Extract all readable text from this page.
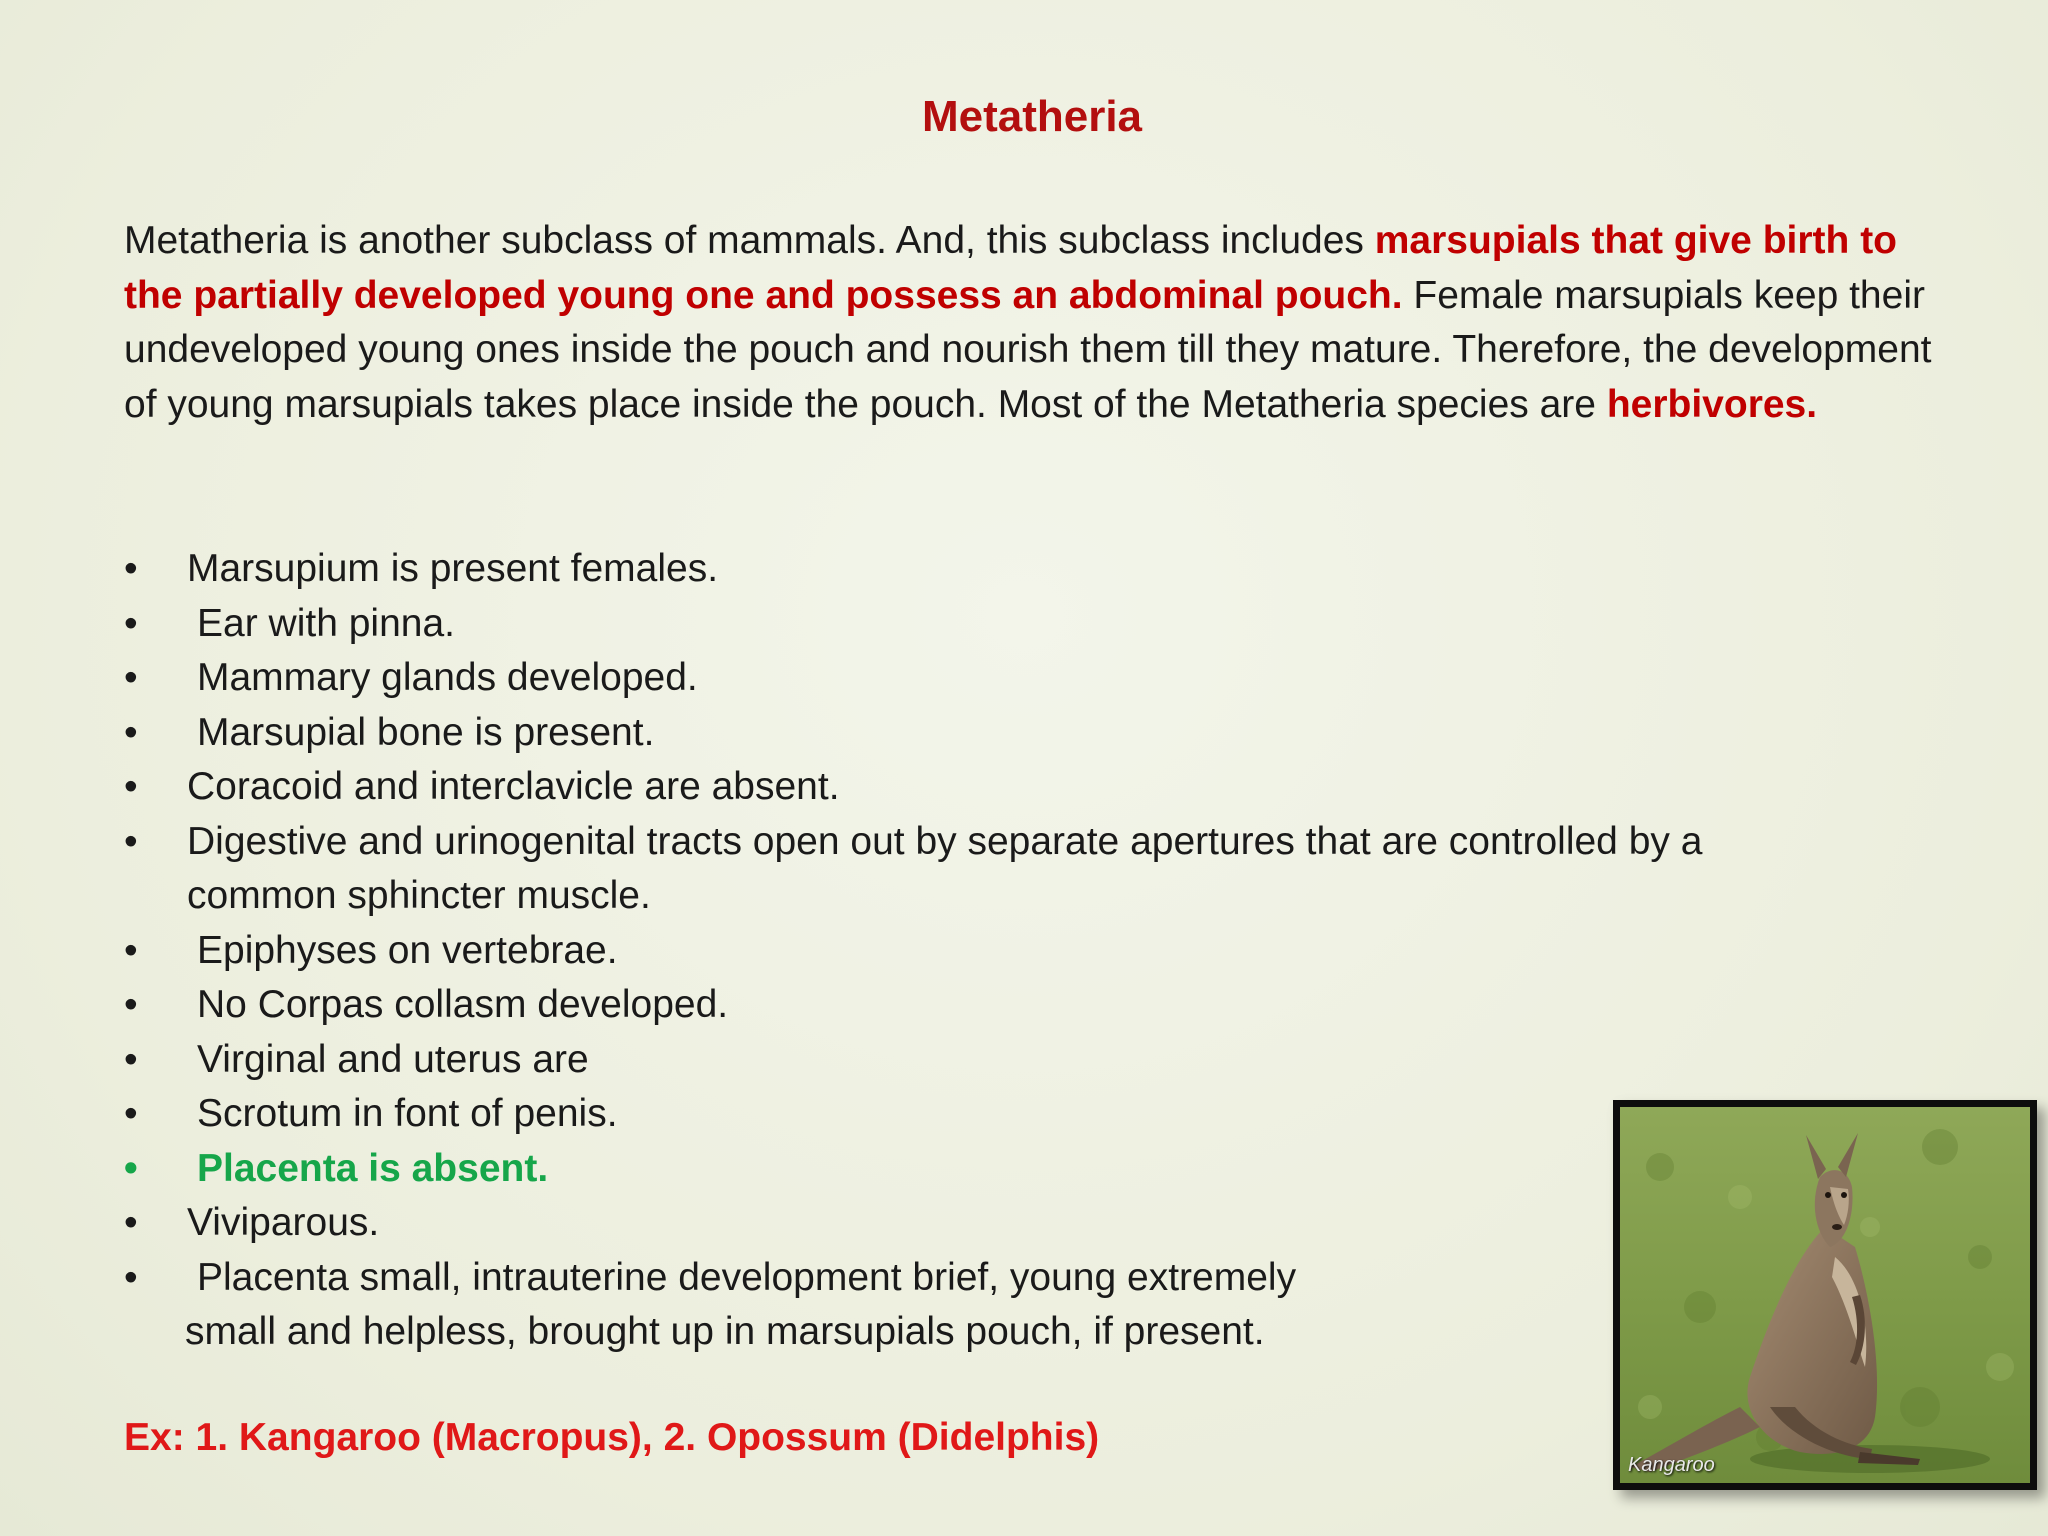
Metatheria
Metatheria is another subclass of mammals. And, this subclass includes marsupials that give birth to the partially developed young one and possess an abdominal pouch. Female marsupials keep their undeveloped young ones inside the pouch and nourish them till they mature. Therefore, the development of young marsupials takes place inside the pouch. Most of the Metatheria species are herbivores.
• Marsupium is present females.
• Ear with pinna.
• Mammary glands developed.
• Marsupial bone is present.
• Coracoid and interclavicle are absent.
• Digestive and urinogenital tracts open out by separate apertures that are controlled by a common sphincter muscle.
• Epiphyses on vertebrae.
• No Corpas collasm developed.
• Virginal and uterus are
• Scrotum in font of penis.
• Placenta is absent.
• Viviparous.
• Placenta small, intrauterine development brief, young extremely
small and helpless, brought up in marsupials pouch, if present.
Ex: 1. Kangaroo (Macropus), 2. Opossum (Didelphis)
Kangaroo
